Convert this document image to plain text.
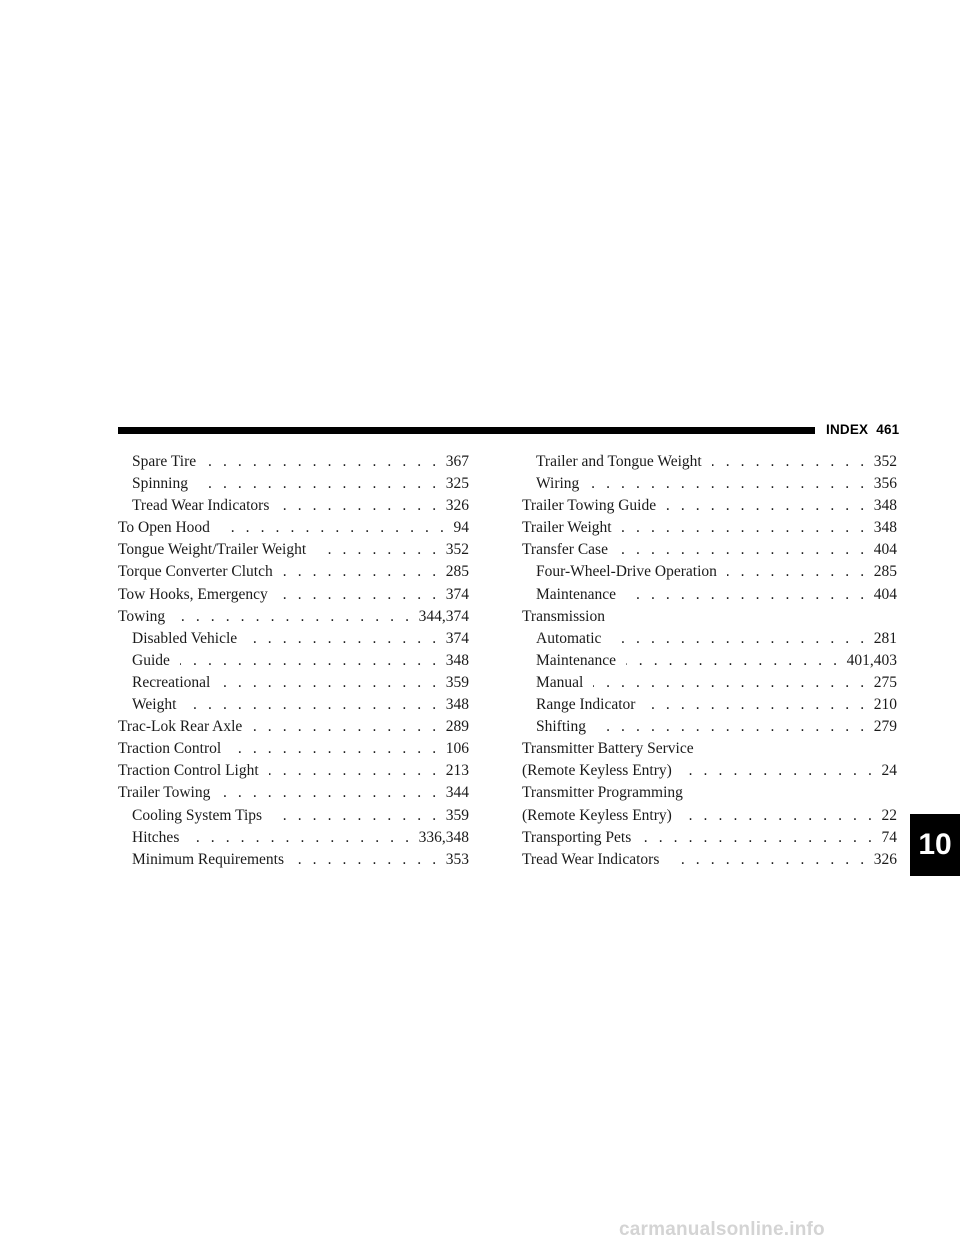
INDEX 461
Spare Tire . . .	367
Spinning . . .	325
Tread Wear Indicators . . .	326
To Open Hood . . .	94
Tongue Weight/Trailer Weight . . .	352
Torque Converter Clutch . . .	285
Tow Hooks, Emergency . . .	374
Towing . . .	344,374
Disabled Vehicle . . .	374
Guide . . .	348
Recreational . . .	359
Weight . . .	348
Trac-Lok Rear Axle . . .	289
Traction Control . . .	106
Traction Control Light . . .	213
Trailer Towing . . .	344
Cooling System Tips . . .	359
Hitches . . .	336,348
Minimum Requirements . . .	353
Trailer and Tongue Weight . . .	352
Wiring . . .	356
Trailer Towing Guide . . .	348
Trailer Weight . . .	348
Transfer Case . . .	404
Four-Wheel-Drive Operation . . .	285
Maintenance . . .	404
Transmission
Automatic . . .	281
Maintenance . . .	401,403
Manual . . .	275
Range Indicator . . .	210
Shifting . . .	279
Transmitter Battery Service
(Remote Keyless Entry) . . .	24
Transmitter Programming
(Remote Keyless Entry) . . .	22
Transporting Pets . . .	74
Tread Wear Indicators . . .	326 10
carmanualsonline.info
